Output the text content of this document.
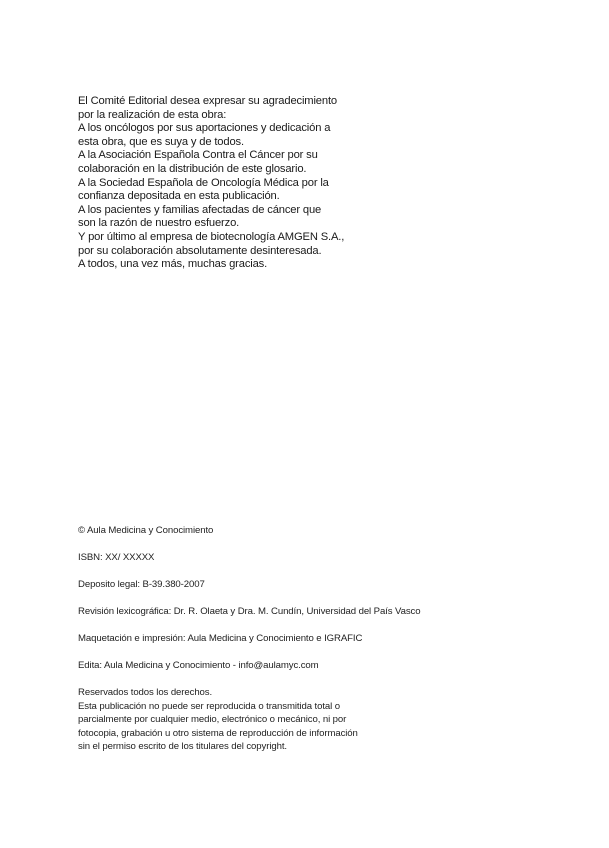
El Comité Editorial desea expresar su agradecimiento
por la realización de esta obra:
A los oncólogos por sus aportaciones y dedicación a
esta obra, que es suya y de todos.
A la Asociación Española Contra el Cáncer por su
colaboración en la distribución de este glosario.
A la Sociedad Española de Oncología Médica por la
confianza depositada en esta publicación.
A los pacientes y familias afectadas de cáncer que
son la razón de nuestro esfuerzo.
Y por último al empresa de biotecnología AMGEN S.A.,
por su colaboración absolutamente desinteresada.
A todos, una vez más, muchas gracias.
© Aula Medicina y Conocimiento
ISBN: XX/ XXXXX
Deposito legal: B-39.380-2007
Revisión lexicográfica: Dr. R. Olaeta y Dra. M. Cundín, Universidad del País Vasco
Maquetación e impresión: Aula Medicina y Conocimiento e IGRAFIC
Edita: Aula Medicina y Conocimiento - info@aulamyc.com
Reservados todos los derechos.
Esta publicación no puede ser reproducida o transmitida total o
parcialmente por cualquier medio, electrónico o mecánico, ni por
fotocopia, grabación u otro sistema de reproducción de información
sin el permiso escrito de los titulares del copyright.
